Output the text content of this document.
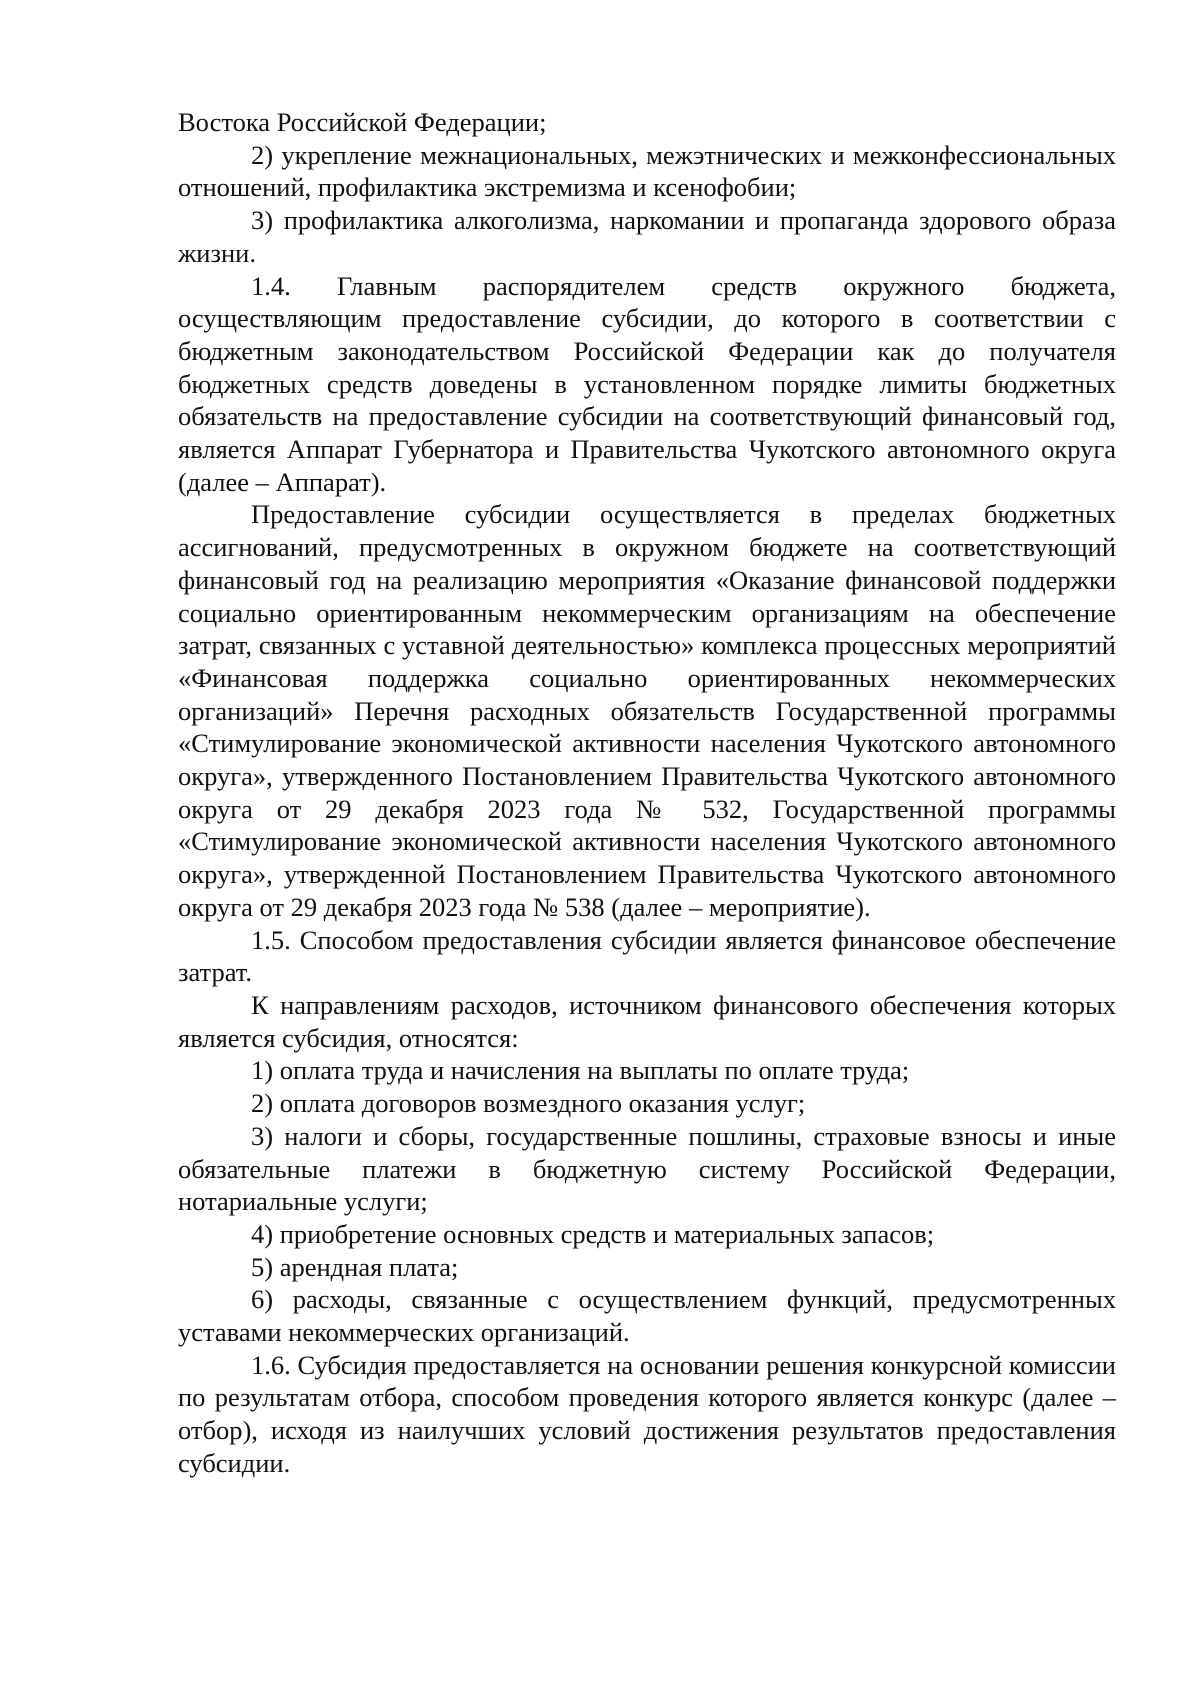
Востока Российской Федерации;

2) укрепление межнациональных, межэтнических и межконфессиональных отношений, профилактика экстремизма и ксенофобии;

3) профилактика алкоголизма, наркомании и пропаганда здорового образа жизни.

1.4. Главным распорядителем средств окружного бюджета, осуществляющим предоставление субсидии, до которого в соответствии с бюджетным законодательством Российской Федерации как до получателя бюджетных средств доведены в установленном порядке лимиты бюджетных обязательств на предоставление субсидии на соответствующий финансовый год, является Аппарат Губернатора и Правительства Чукотского автономного округа (далее – Аппарат).

Предоставление субсидии осуществляется в пределах бюджетных ассигнований, предусмотренных в окружном бюджете на соответствующий финансовый год на реализацию мероприятия «Оказание финансовой поддержки социально ориентированным некоммерческим организациям на обеспечение затрат, связанных с уставной деятельностью» комплекса процессных мероприятий «Финансовая поддержка социально ориентированных некоммерческих организаций» Перечня расходных обязательств Государственной программы «Стимулирование экономической активности населения Чукотского автономного округа», утвержденного Постановлением Правительства Чукотского автономного округа от 29 декабря 2023 года № 532, Государственной программы «Стимулирование экономической активности населения Чукотского автономного округа», утвержденной Постановлением Правительства Чукотского автономного округа от 29 декабря 2023 года № 538 (далее – мероприятие).

1.5. Способом предоставления субсидии является финансовое обеспечение затрат.

К направлениям расходов, источником финансового обеспечения которых является субсидия, относятся:

1) оплата труда и начисления на выплаты по оплате труда;

2) оплата договоров возмездного оказания услуг;

3) налоги и сборы, государственные пошлины, страховые взносы и иные обязательные платежи в бюджетную систему Российской Федерации, нотариальные услуги;

4) приобретение основных средств и материальных запасов;

5) арендная плата;

6) расходы, связанные с осуществлением функций, предусмотренных уставами некоммерческих организаций.

1.6. Субсидия предоставляется на основании решения конкурсной комиссии по результатам отбора, способом проведения которого является конкурс (далее – отбор), исходя из наилучших условий достижения результатов предоставления субсидии.
